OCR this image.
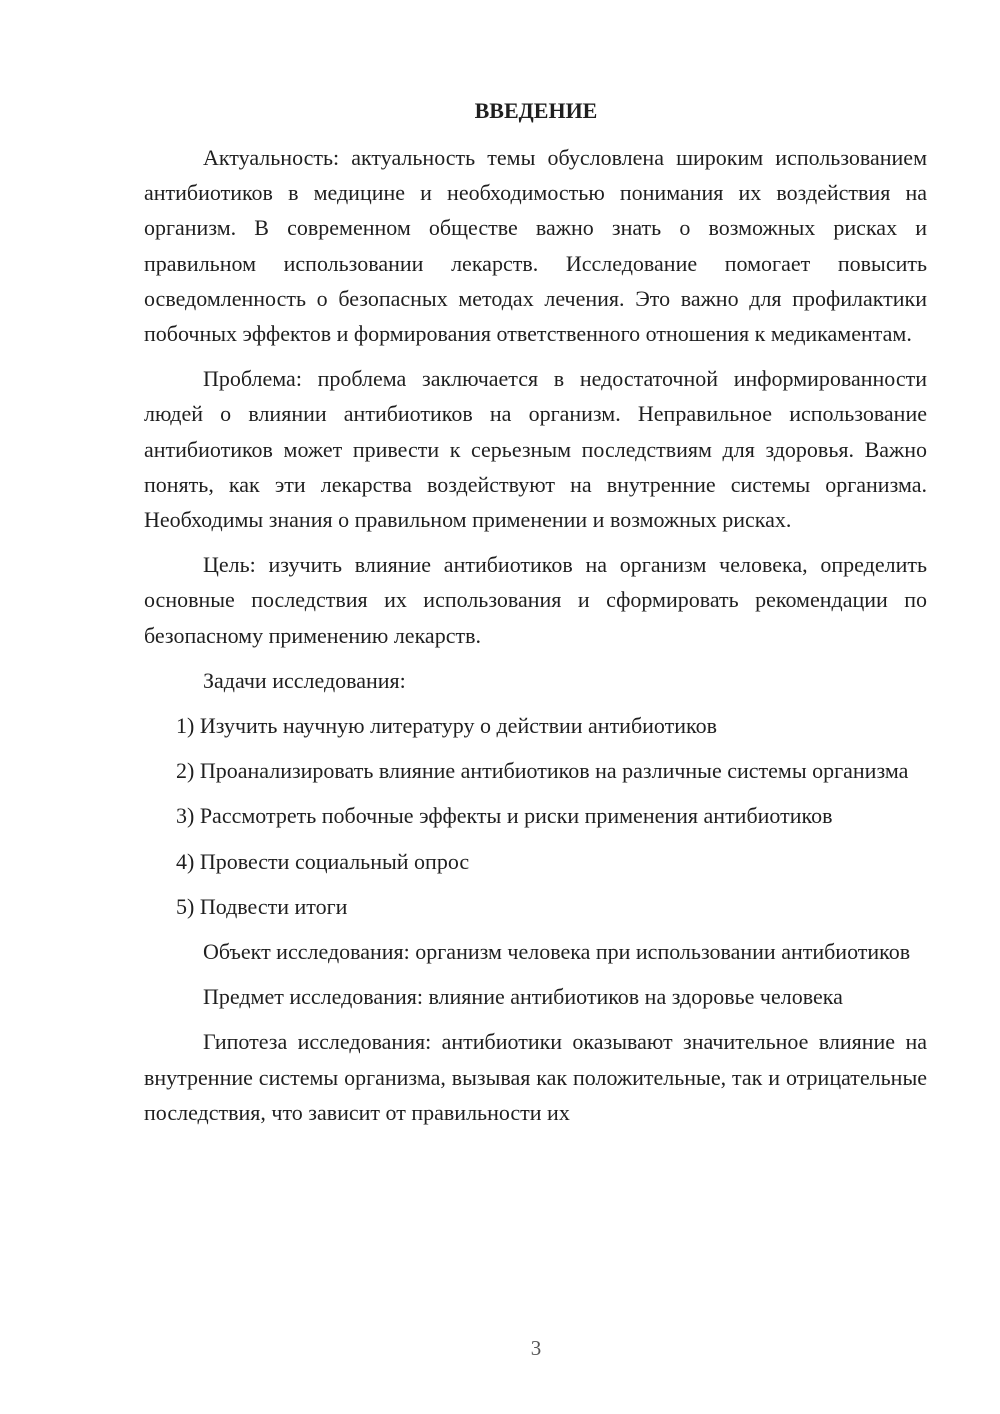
ВВЕДЕНИЕ

Актуальность: актуальность темы обусловлена широким использованием антибиотиков в медицине и необходимостью понимания их воздействия на организм. В современном обществе важно знать о возможных рисках и правильном использовании лекарств. Исследование помогает повысить осведомленность о безопасных методах лечения. Это важно для профилактики побочных эффектов и формирования ответственного отношения к медикаментам.

Проблема: проблема заключается в недостаточной информированности людей о влиянии антибиотиков на организм. Неправильное использование антибиотиков может привести к серьезным последствиям для здоровья. Важно понять, как эти лекарства воздействуют на внутренние системы организма. Необходимы знания о правильном применении и возможных рисках.

Цель: изучить влияние антибиотиков на организм человека, определить основные последствия их использования и сформировать рекомендации по безопасному применению лекарств.

Задачи исследования:

1) Изучить научную литературу о действии антибиотиков

2) Проанализировать влияние антибиотиков на различные системы организма

3) Рассмотреть побочные эффекты и риски применения антибиотиков

4) Провести социальный опрос

5) Подвести итоги

Объект исследования: организм человека при использовании антибиотиков

Предмет исследования: влияние антибиотиков на здоровье человека

Гипотеза исследования: антибиотики оказывают значительное влияние на внутренние системы организма, вызывая как положительные, так и отрицательные последствия, что зависит от правильности их

3
